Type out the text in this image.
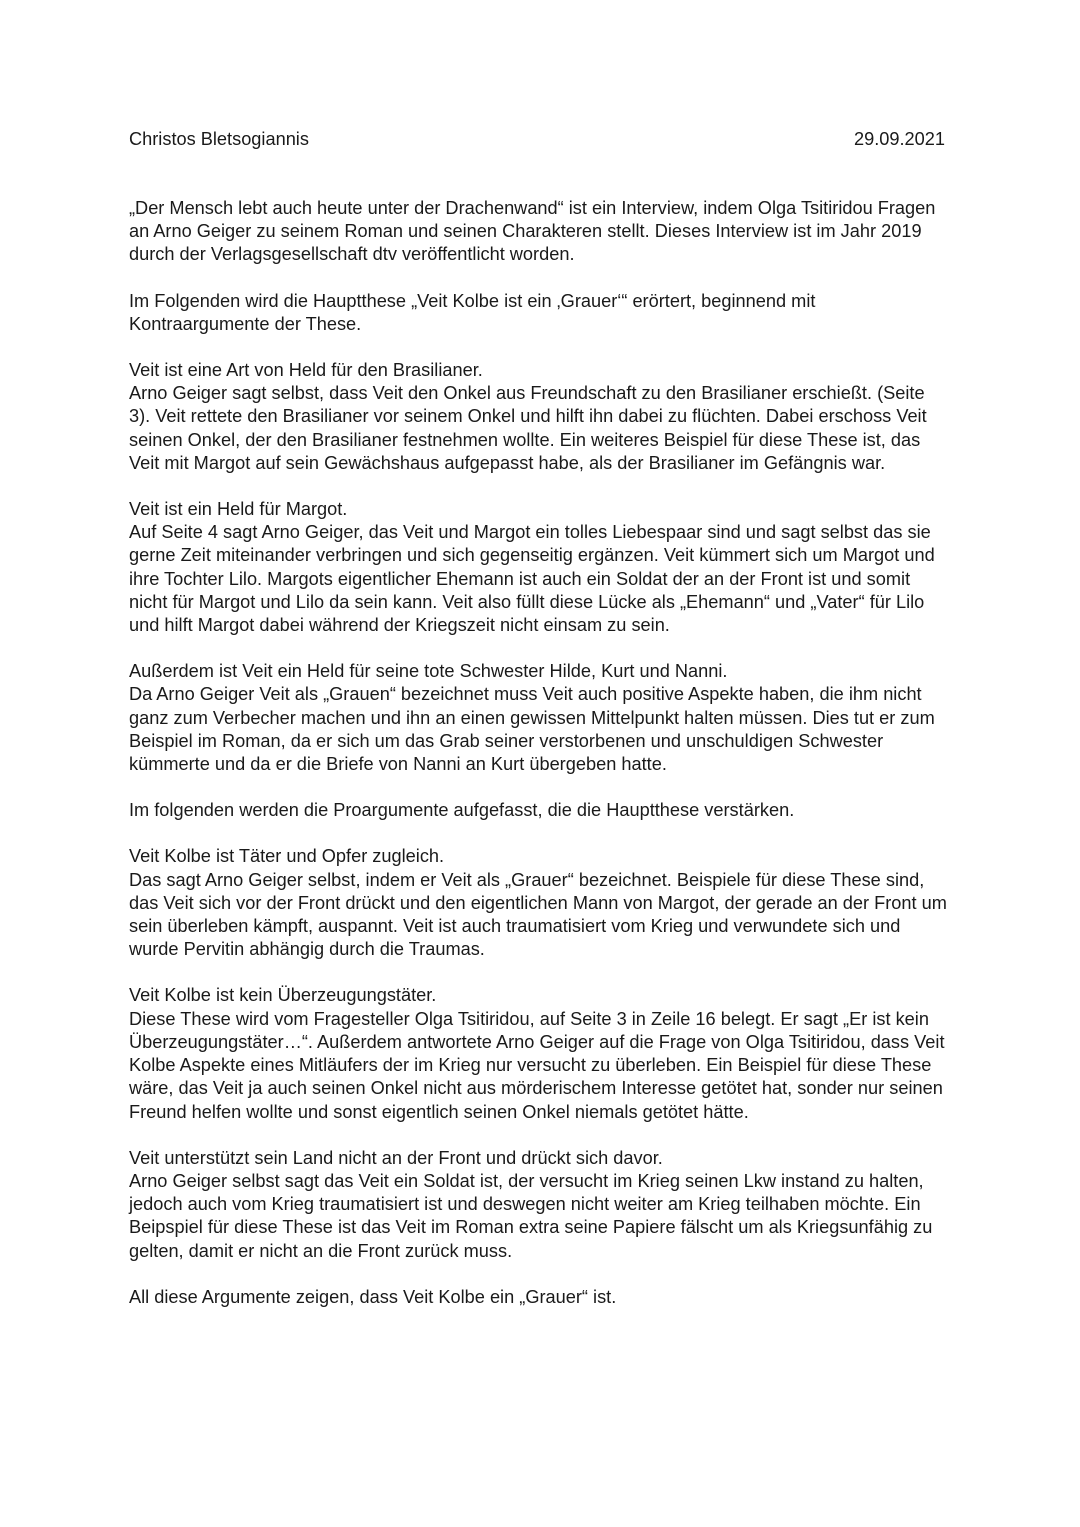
Christos Bletsogiannis	29.09.2021

„Der Mensch lebt auch heute unter der Drachenwand“ ist ein Interview, indem Olga Tsitiridou Fragen an Arno Geiger zu seinem Roman und seinen Charakteren stellt. Dieses Interview ist im Jahr 2019 durch der Verlagsgesellschaft dtv veröffentlicht worden.

Im Folgenden wird die Hauptthese „Veit Kolbe ist ein ‚Grauer‘“ erörtert, beginnend mit Kontraargumente der These.

Veit ist eine Art von Held für den Brasilianer.

Arno Geiger sagt selbst, dass Veit den Onkel aus Freundschaft zu den Brasilianer erschießt. (Seite 3). Veit rettete den Brasilianer vor seinem Onkel und hilft ihn dabei zu flüchten. Dabei erschoss Veit seinen Onkel, der den Brasilianer festnehmen wollte. Ein weiteres Beispiel für diese These ist, das Veit mit Margot auf sein Gewächshaus aufgepasst habe, als der Brasilianer im Gefängnis war.

Veit ist ein Held für Margot.

Auf Seite 4 sagt Arno Geiger, das Veit und Margot ein tolles Liebespaar sind und sagt selbst das sie gerne Zeit miteinander verbringen und sich gegenseitig ergänzen. Veit kümmert sich um Margot und ihre Tochter Lilo. Margots eigentlicher Ehemann ist auch ein Soldat der an der Front ist und somit nicht für Margot und Lilo da sein kann. Veit also füllt diese Lücke als „Ehemann“ und „Vater“ für Lilo und hilft Margot dabei während der Kriegszeit nicht einsam zu sein.

Außerdem ist Veit ein Held für seine tote Schwester Hilde, Kurt und Nanni.

Da Arno Geiger Veit als „Grauen“ bezeichnet muss Veit auch positive Aspekte haben, die ihm nicht ganz zum Verbecher machen und ihn an einen gewissen Mittelpunkt halten müssen. Dies tut er zum Beispiel im Roman, da er sich um das Grab seiner verstorbenen und unschuldigen Schwester kümmerte und da er die Briefe von Nanni an Kurt übergeben hatte.

Im folgenden werden die Proargumente aufgefasst, die die Hauptthese verstärken.

Veit Kolbe ist Täter und Opfer zugleich.

Das sagt Arno Geiger selbst, indem er Veit als „Grauer“ bezeichnet. Beispiele für diese These sind, das Veit sich vor der Front drückt und den eigentlichen Mann von Margot, der gerade an der Front um sein überleben kämpft, auspannt. Veit ist auch traumatisiert vom Krieg und verwundete sich und wurde Pervitin abhängig durch die Traumas.

Veit Kolbe ist kein Überzeugungstäter.

Diese These wird vom Fragesteller Olga Tsitiridou, auf Seite 3 in Zeile 16 belegt. Er sagt „Er ist kein Überzeugungstäter…“. Außerdem antwortete Arno Geiger auf die Frage von Olga Tsitiridou, dass Veit Kolbe Aspekte eines Mitläufers der im Krieg nur versucht zu überleben. Ein Beispiel für diese These wäre, das Veit ja auch seinen Onkel nicht aus mörderischem Interesse getötet hat, sonder nur seinen Freund helfen wollte und sonst eigentlich seinen Onkel niemals getötet hätte.

Veit unterstützt sein Land nicht an der Front und drückt sich davor.

Arno Geiger selbst sagt das Veit ein Soldat ist, der versucht im Krieg seinen Lkw instand zu halten, jedoch auch vom Krieg traumatisiert ist und deswegen nicht weiter am Krieg teilhaben möchte. Ein Beipspiel für diese These ist das Veit im Roman extra seine Papiere fälscht um als Kriegsunfähig zu gelten, damit er nicht an die Front zurück muss.

All diese Argumente zeigen, dass Veit Kolbe ein „Grauer“ ist.
